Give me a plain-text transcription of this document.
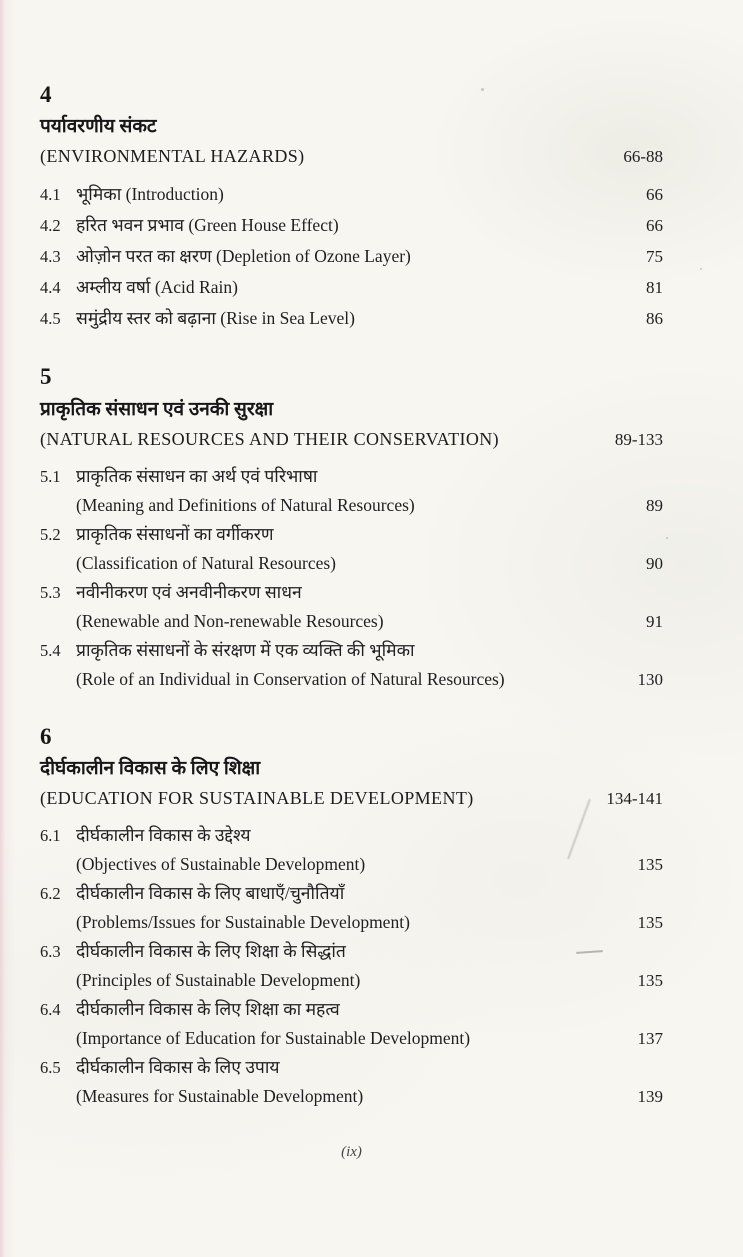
4
पर्यावरणीय संकट
(ENVIRONMENTAL HAZARDS)	66-88
4.1 भूमिका (Introduction)	66
4.2 हरित भवन प्रभाव (Green House Effect)	66
4.3 ओज़ोन परत का क्षरण (Depletion of Ozone Layer)	75
4.4 अम्लीय वर्षा (Acid Rain)	81
4.5 समुंद्रीय स्तर को बढ़ाना (Rise in Sea Level)	86
5
प्राकृतिक संसाधन एवं उनकी सुरक्षा
(NATURAL RESOURCES AND THEIR CONSERVATION)	89-133
5.1 प्राकृतिक संसाधन का अर्थ एवं परिभाषा
(Meaning and Definitions of Natural Resources)	89
5.2 प्राकृतिक संसाधनों का वर्गीकरण
(Classification of Natural Resources)	90
5.3 नवीनीकरण एवं अनवीनीकरण साधन
(Renewable and Non-renewable Resources)	91
5.4 प्राकृतिक संसाधनों के संरक्षण में एक व्यक्ति की भूमिका
(Role of an Individual in Conservation of Natural Resources)	130
6
दीर्घकालीन विकास के लिए शिक्षा
(EDUCATION FOR SUSTAINABLE DEVELOPMENT)	134-141
6.1 दीर्घकालीन विकास के उद्देश्य
(Objectives of Sustainable Development)	135
6.2 दीर्घकालीन विकास के लिए बाधाएँ/चुनौतियाँ
(Problems/Issues for Sustainable Development)	135
6.3 दीर्घकालीन विकास के लिए शिक्षा के सिद्धांत
(Principles of Sustainable Development)	135
6.4 दीर्घकालीन विकास के लिए शिक्षा का महत्व
(Importance of Education for Sustainable Development)	137
6.5 दीर्घकालीन विकास के लिए उपाय
(Measures for Sustainable Development)	139
(ix)
